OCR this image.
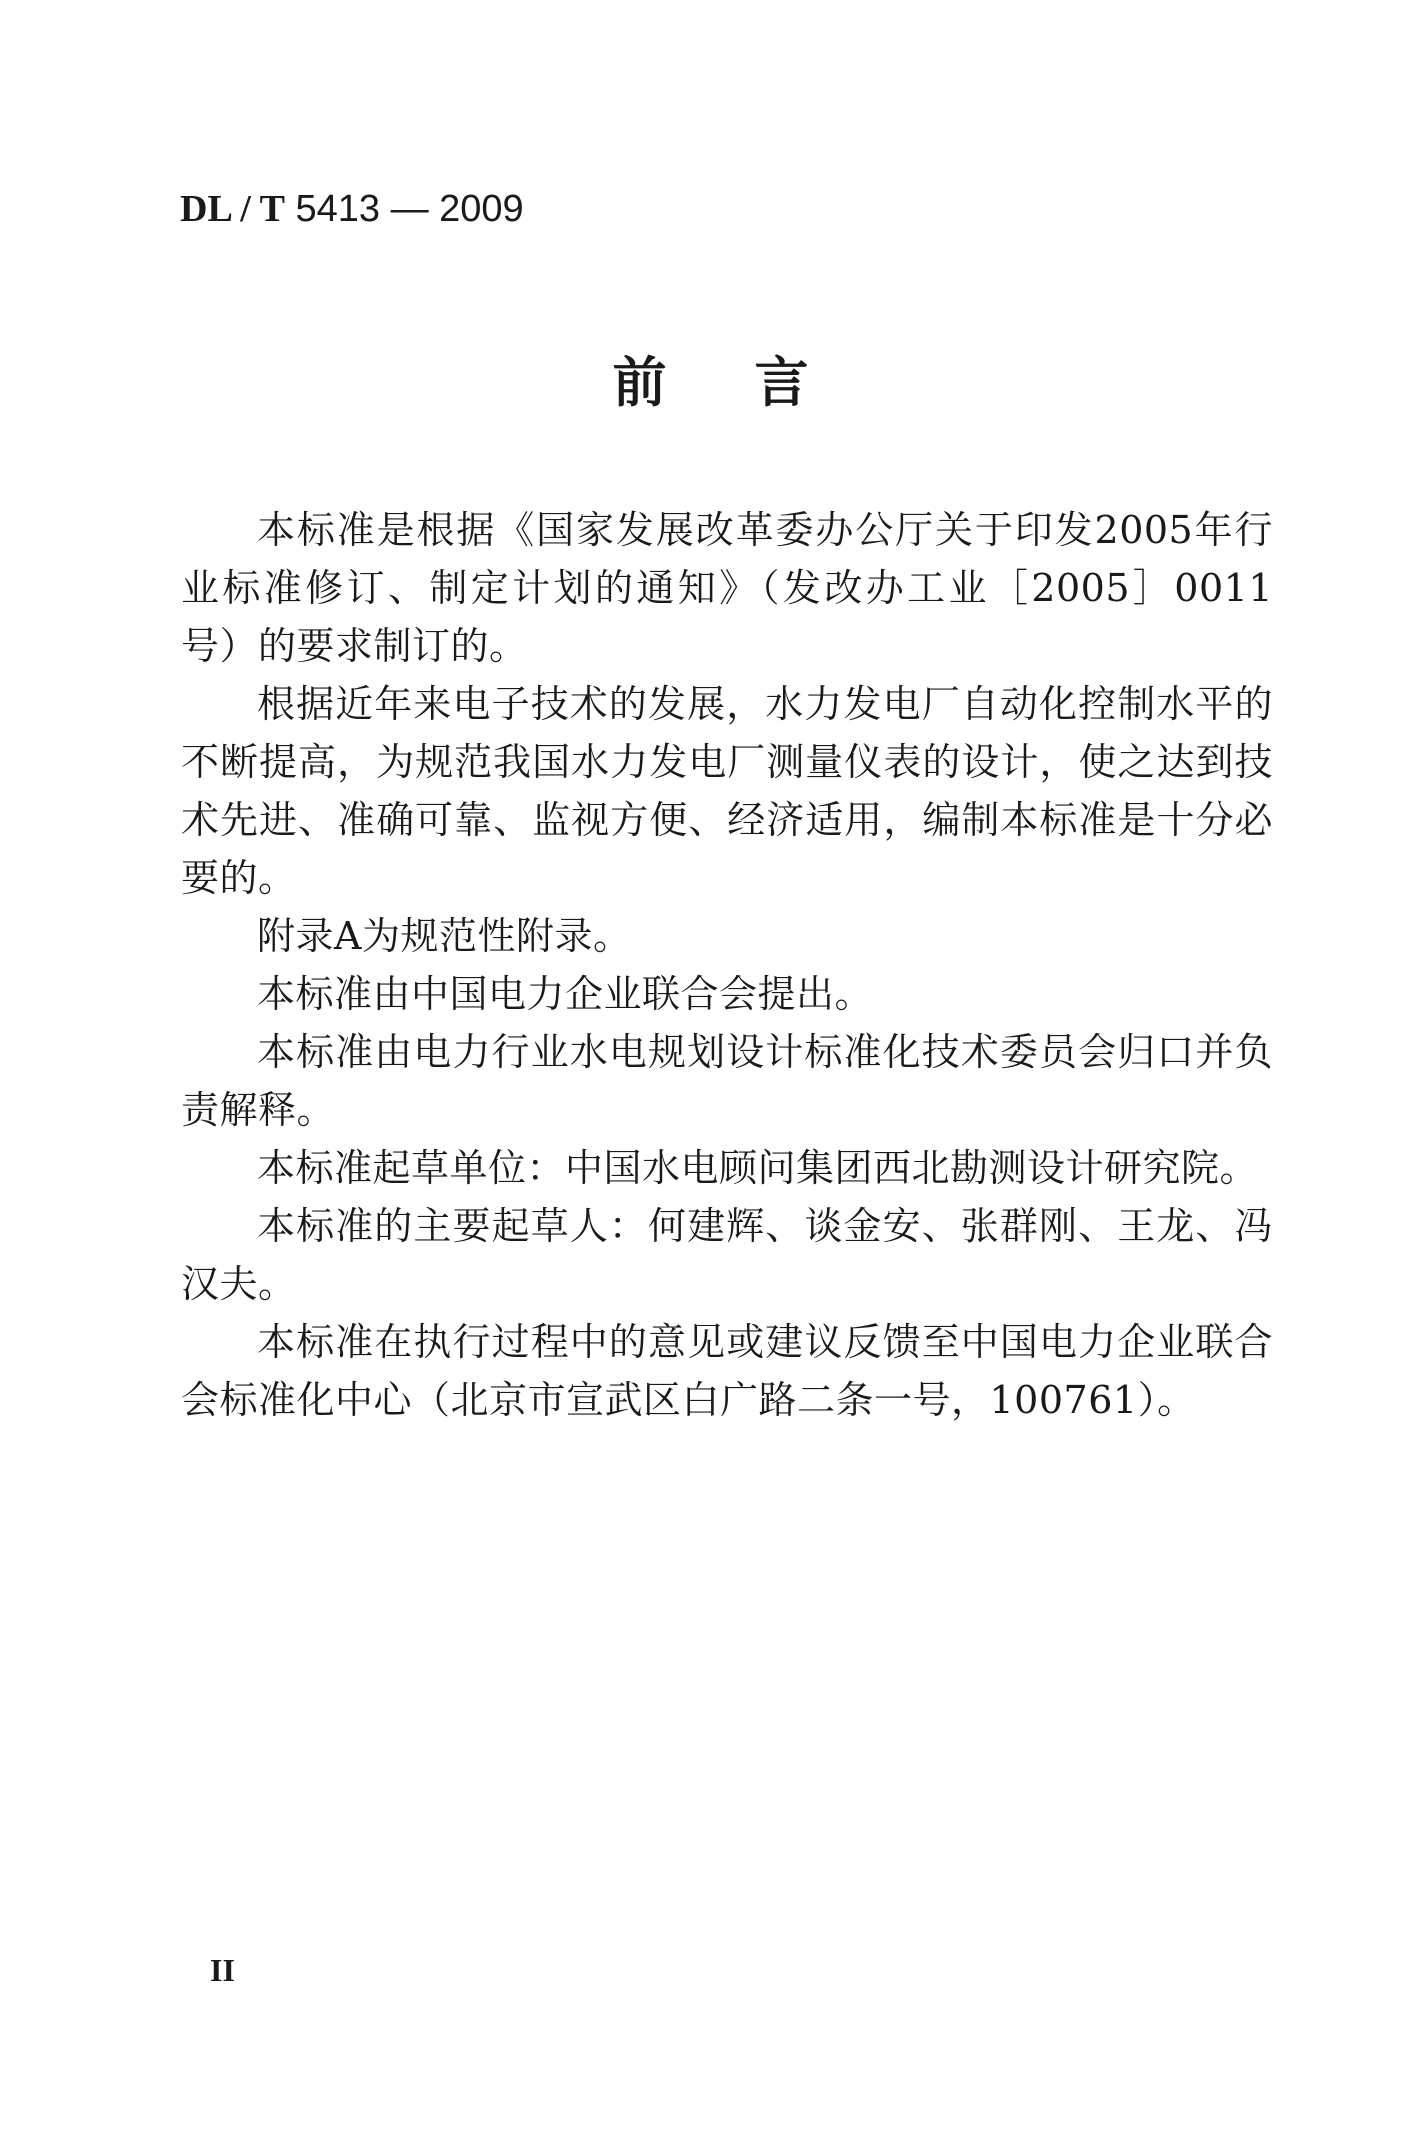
DL / T 5413 — 2009
前言

本标准是根据《国家发展改革委办公厅关于印发2005年行业标准修订、制定计划的通知》（发改办工业［2005］0011 号）的要求制订的。

根据近年来电子技术的发展，水力发电厂自动化控制水平的不断提高，为规范我国水力发电厂测量仪表的设计，使之达到技术先进、准确可靠、监视方便、经济适用，编制本标准是十分必要的。

附录A为规范性附录。

本标准由中国电力企业联合会提出。

本标准由电力行业水电规划设计标准化技术委员会归口并负责解释。

本标准起草单位：中国水电顾问集团西北勘测设计研究院。

本标准的主要起草人：何建辉、谈金安、张群刚、王龙、冯汉夫。

本标准在执行过程中的意见或建议反馈至中国电力企业联合会标准化中心（北京市宣武区白广路二条一号，100761）。

II
